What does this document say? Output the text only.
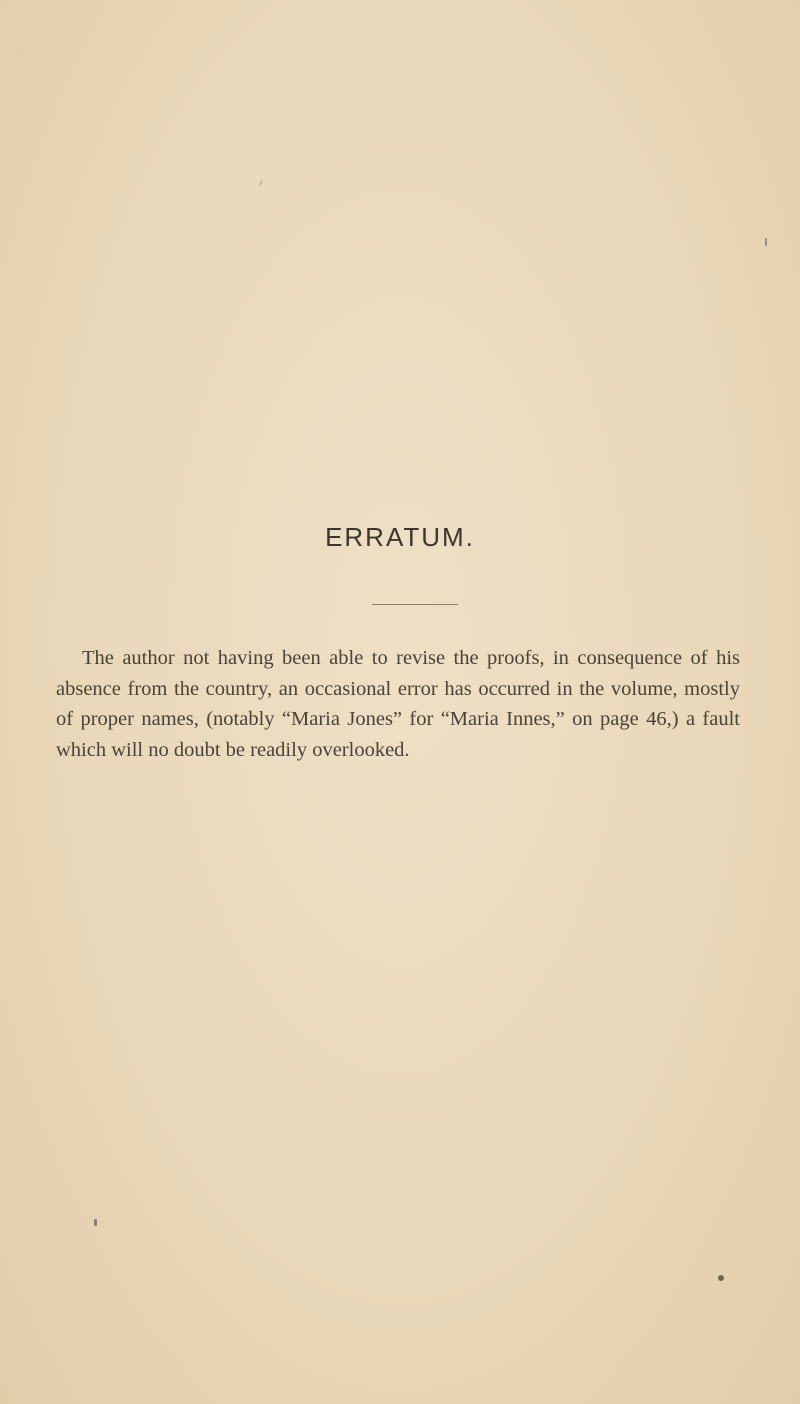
ERRATUM.

The author not having been able to revise the proofs, in consequence of his absence from the country, an occasional error has occurred in the volume, mostly of proper names, (notably “Maria Jones” for “Maria Innes,” on page 46,) a fault which will no doubt be readily overlooked.
